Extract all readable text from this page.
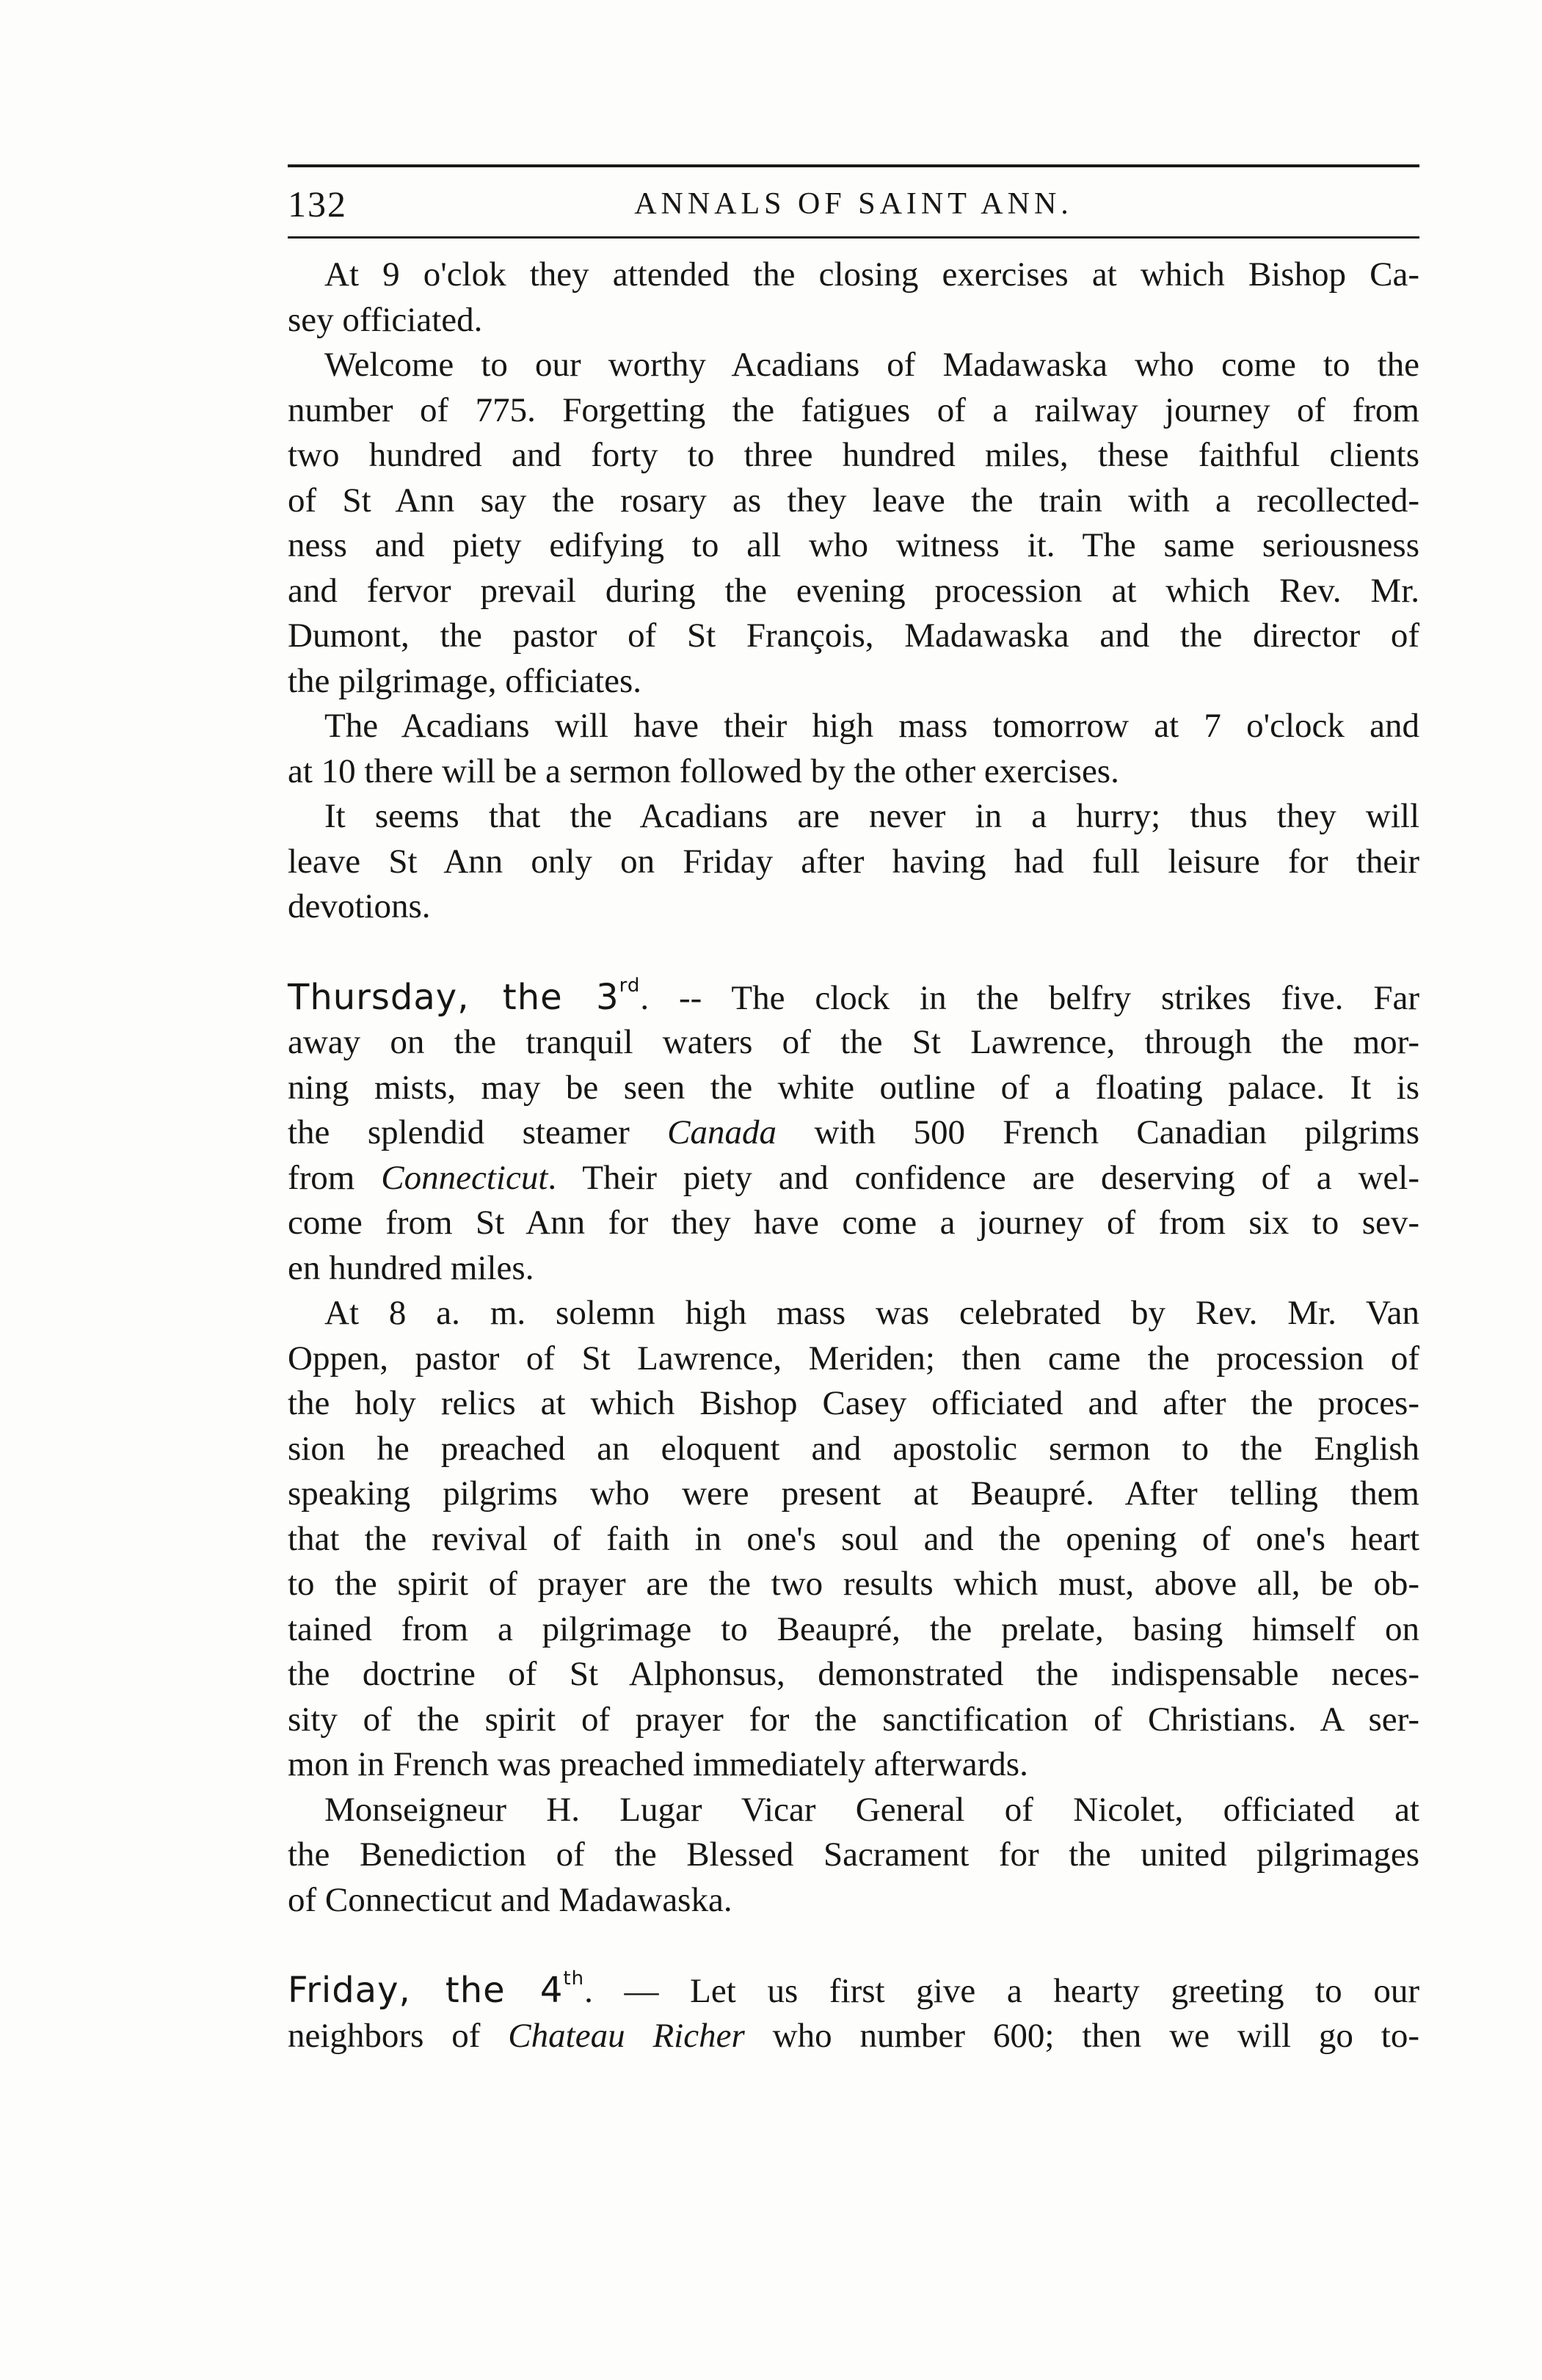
132	ANNALS OF SAINT ANN.
At 9 o'clok they attended the closing exercises at which Bishop Ca-
sey officiated.
Welcome to our worthy Acadians of Madawaska who come to the
number of 775. Forgetting the fatigues of a railway journey of from
two hundred and forty to three hundred miles, these faithful clients
of St Ann say the rosary as they leave the train with a recollected-
ness and piety edifying to all who witness it. The same seriousness
and fervor prevail during the evening procession at which Rev. Mr.
Dumont, the pastor of St François, Madawaska and the director of
the pilgrimage, officiates.
The Acadians will have their high mass tomorrow at 7 o'clock and
at 10 there will be a sermon followed by the other exercises.
It seems that the Acadians are never in a hurry; thus they will
leave St Ann only on Friday after having had full leisure for their
devotions.
Thursday, the 3rd. -- The clock in the belfry strikes five. Far
away on the tranquil waters of the St Lawrence, through the mor-
ning mists, may be seen the white outline of a floating palace. It is
the splendid steamer Canada with 500 French Canadian pilgrims
from Connecticut. Their piety and confidence are deserving of a wel-
come from St Ann for they have come a journey of from six to sev-
en hundred miles.
At 8 a. m. solemn high mass was celebrated by Rev. Mr. Van
Oppen, pastor of St Lawrence, Meriden; then came the procession of
the holy relics at which Bishop Casey officiated and after the proces-
sion he preached an eloquent and apostolic sermon to the English
speaking pilgrims who were present at Beaupré. After telling them
that the revival of faith in one's soul and the opening of one's heart
to the spirit of prayer are the two results which must, above all, be ob-
tained from a pilgrimage to Beaupré, the prelate, basing himself on
the doctrine of St Alphonsus, demonstrated the indispensable neces-
sity of the spirit of prayer for the sanctification of Christians. A ser-
mon in French was preached immediately afterwards.
Monseigneur H. Lugar Vicar General of Nicolet, officiated at
the Benediction of the Blessed Sacrament for the united pilgrimages
of Connecticut and Madawaska.
Friday, the 4th. — Let us first give a hearty greeting to our
neighbors of Chateau Richer who number 600; then we will go to-
